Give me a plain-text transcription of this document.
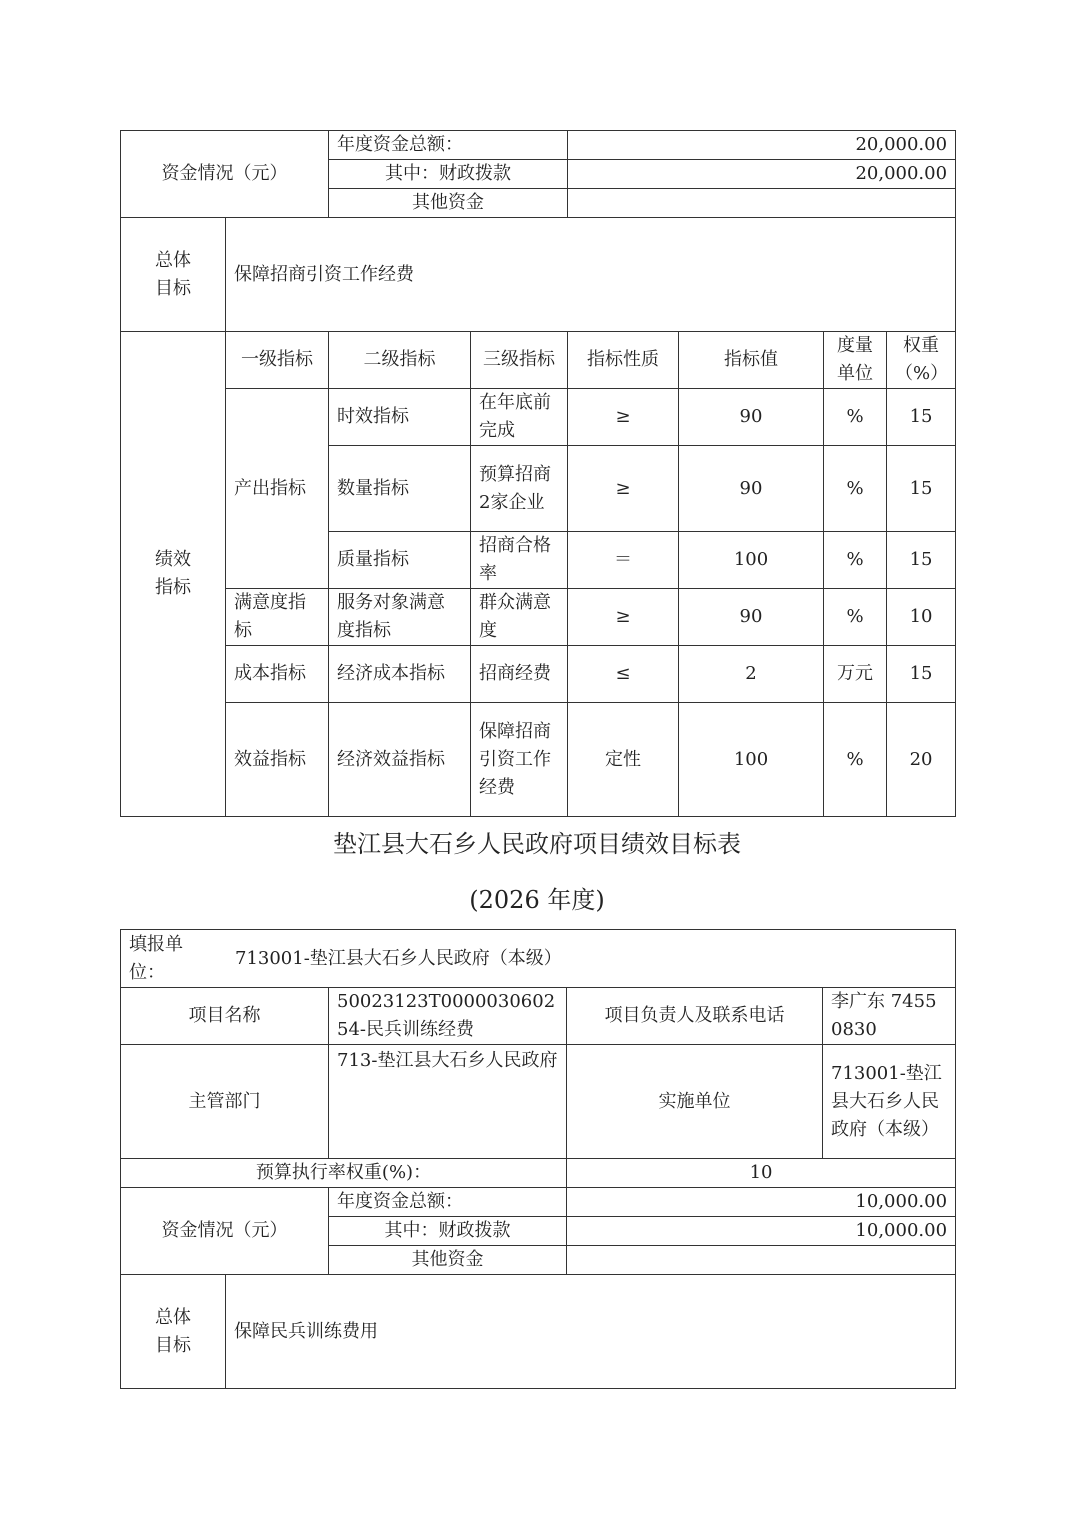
资金情况（元）		年度资金总额：		20,000.00			
		其中：财政拨款		20,000.00			
		其他资金					
总体目标	保障招商引资工作经费						
绩效指标	一级指标	二级指标	三级指标	指标性质	指标值	度量单位	权重（%）
	产出指标	时效指标	在年底前完成	≥	90	%	15
		数量指标	预算招商2家企业	≥	90	%	15
		质量指标	招商合格率	＝	100	%	15
	满意度指标	服务对象满意度指标	群众满意度	≥	90	%	10
	成本指标	经济成本指标	招商经费	≤	2	万元	15
	效益指标	经济效益指标	保障招商引资工作经费	定性	100	%	20
垫江县大石乡人民政府项目绩效目标表
(2026 年度)
填报单位：
713001-垫江县大石乡人民政府（本级）				

项目名称		50023123T000003060254-民兵训练经费	项目负责人及联系电话	李广东 74550830
主管部门		713-垫江县大石乡人民政府	实施单位	713001-垫江县大石乡人民政府（本级）
预算执行率权重(%)：			10	
资金情况（元）		年度资金总额：	10,000.00	
		其中：财政拨款	10,000.00	
		其他资金		
总体目标	保障民兵训练费用			
